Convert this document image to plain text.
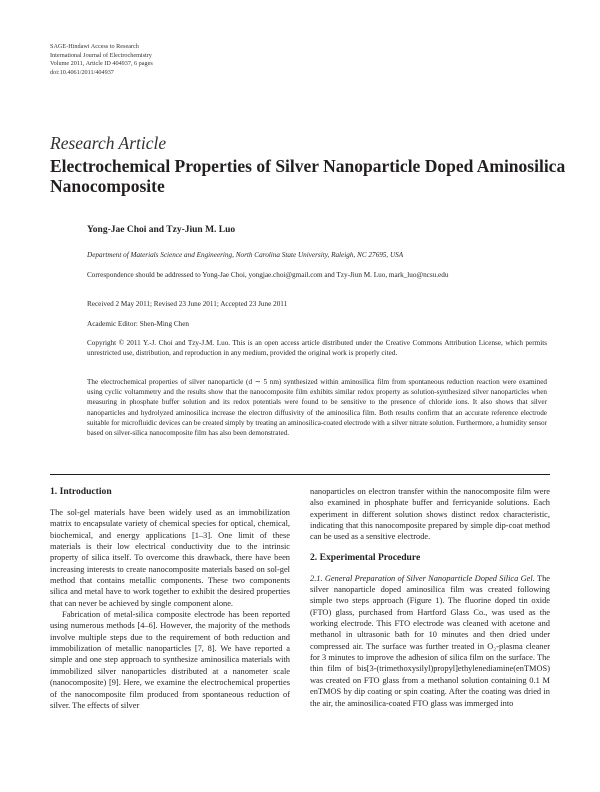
SAGE-Hindawi Access to Research
International Journal of Electrochemistry
Volume 2011, Article ID 404937, 6 pages
doi:10.4061/2011/404937
Research Article
Electrochemical Properties of Silver Nanoparticle Doped Aminosilica Nanocomposite
Yong-Jae Choi and Tzy-Jiun M. Luo
Department of Materials Science and Engineering, North Carolina State University, Raleigh, NC 27695, USA
Correspondence should be addressed to Yong-Jae Choi, yongjae.choi@gmail.com and Tzy-Jiun M. Luo, mark_luo@ncsu.edu
Received 2 May 2011; Revised 23 June 2011; Accepted 23 June 2011
Academic Editor: Shen-Ming Chen
Copyright © 2011 Y.-J. Choi and Tzy-J.M. Luo. This is an open access article distributed under the Creative Commons Attribution License, which permits unrestricted use, distribution, and reproduction in any medium, provided the original work is properly cited.
The electrochemical properties of silver nanoparticle (d ∼ 5 nm) synthesized within aminosilica film from spontaneous reduction reaction were examined using cyclic voltammetry and the results show that the nanocomposite film exhibits similar redox property as solution-synthesized silver nanoparticles when measuring in phosphate buffer solution and its redox potentials were found to be sensitive to the presence of chloride ions. It also shows that silver nanoparticles and hydrolyzed aminosilica increase the electron diffusivity of the aminosilica film. Both results confirm that an accurate reference electrode suitable for microfluidic devices can be created simply by treating an aminosilica-coated electrode with a silver nitrate solution. Furthermore, a humidity sensor based on silver-silica nanocomposite film has also been demonstrated.
1. Introduction

The sol-gel materials have been widely used as an immobilization matrix to encapsulate variety of chemical species for optical, chemical, biochemical, and energy applications [1–3]. One limit of these materials is their low electrical conductivity due to the intrinsic property of silica itself. To overcome this drawback, there have been increasing interests to create nanocomposite materials based on sol-gel method that contains metallic components. These two components silica and metal have to work together to exhibit the desired properties that can never be achieved by single component alone.

Fabrication of metal-silica composite electrode has been reported using numerous methods [4–6]. However, the majority of the methods involve multiple steps due to the requirement of both reduction and immobilization of metallic nanoparticles [7, 8]. We have reported a simple and one step approach to synthesize aminosilica materials with immobilized silver nanoparticles distributed at a nanometer scale (nanocomposite) [9]. Here, we examine the electrochemical properties of the nanocomposite film produced from spontaneous reduction of silver. The effects of silver

nanoparticles on electron transfer within the nanocomposite film were also examined in phosphate buffer and ferricyanide solutions. Each experiment in different solution shows distinct redox characteristic, indicating that this nanocomposite prepared by simple dip-coat method can be used as a sensitive electrode.

2. Experimental Procedure

2.1. General Preparation of Silver Nanoparticle Doped Silica Gel. The silver nanoparticle doped aminosilica film was created following simple two steps approach (Figure 1). The fluorine doped tin oxide (FTO) glass, purchased from Hartford Glass Co., was used as the working electrode. This FTO electrode was cleaned with acetone and methanol in ultrasonic bath for 10 minutes and then dried under compressed air. The surface was further treated in O₂-plasma cleaner for 3 minutes to improve the adhesion of silica film on the surface. The thin film of bis[3-(trimethoxysilyl)propyl]ethylenediamine(enTMOS) was created on FTO glass from a methanol solution containing 0.1 M enTMOS by dip coating or spin coating. After the coating was dried in the air, the aminosilica-coated FTO glass was immerged into
